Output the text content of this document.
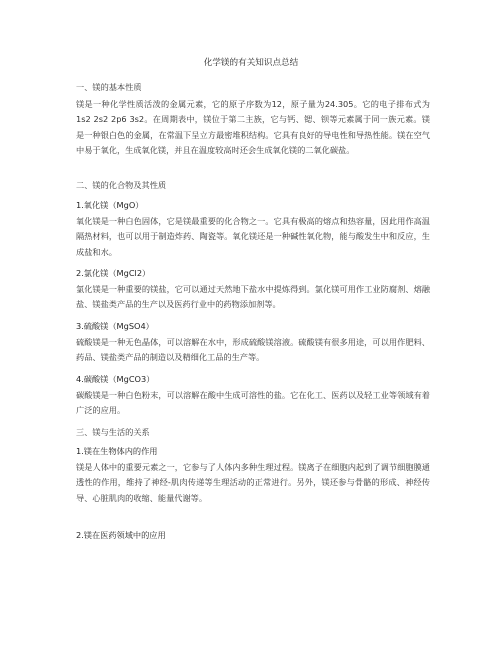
化学镁的有关知识点总结
一、镁的基本性质
镁是一种化学性质活泼的金属元素，它的原子序数为12，原子量为24.305。它的电子排布式为1s2 2s2 2p6 3s2。在周期表中，镁位于第二主族，它与钙、锶、钡等元素属于同一族元素。镁是一种银白色的金属，在常温下呈立方最密堆积结构。它具有良好的导电性和导热性能。镁在空气中易于氧化，生成氧化镁，并且在温度较高时还会生成氧化镁的二氧化碳盐。
二、镁的化合物及其性质
1.氧化镁（MgO）
氧化镁是一种白色固体，它是镁最重要的化合物之一。它具有极高的熔点和热容量，因此用作高温隔热材料，也可以用于制造炸药、陶瓷等。氧化镁还是一种碱性氧化物，能与酸发生中和反应，生成盐和水。
2.氯化镁（MgCl2）
氯化镁是一种重要的镁盐，它可以通过天然地下盐水中提炼得到。氯化镁可用作工业防腐剂、熔融盐、镁盐类产品的生产以及医药行业中的药物添加剂等。
3.硫酸镁（MgSO4）
硫酸镁是一种无色晶体，可以溶解在水中，形成硫酸镁溶液。硫酸镁有很多用途，可以用作肥料、药品、镁盐类产品的制造以及精细化工品的生产等。
4.碳酸镁（MgCO3）
碳酸镁是一种白色粉末，可以溶解在酸中生成可溶性的盐。它在化工、医药以及轻工业等领域有着广泛的应用。
三、镁与生活的关系
1.镁在生物体内的作用
镁是人体中的重要元素之一，它参与了人体内多种生理过程。镁离子在细胞内起到了调节细胞膜通透性的作用，维持了神经-肌肉传递等生理活动的正常进行。另外，镁还参与骨骼的形成、神经传导、心脏肌肉的收缩、能量代谢等。
2.镁在医药领域中的应用
